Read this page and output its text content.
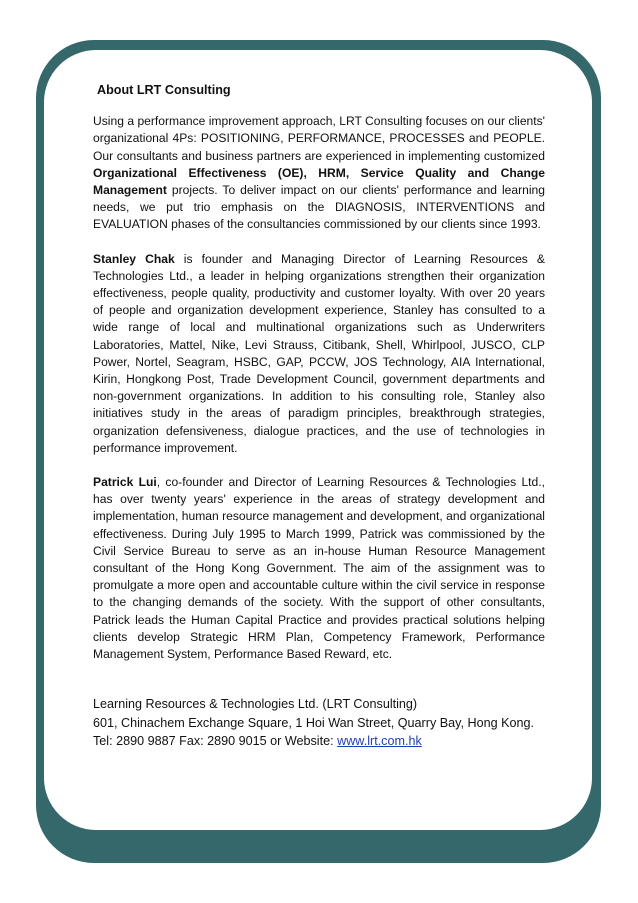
About LRT Consulting

Using a performance improvement approach, LRT Consulting focuses on our clients' organizational 4Ps: POSITIONING, PERFORMANCE, PROCESSES and PEOPLE. Our consultants and business partners are experienced in implementing customized Organizational Effectiveness (OE), HRM, Service Quality and Change Management projects. To deliver impact on our clients' performance and learning needs, we put trio emphasis on the DIAGNOSIS, INTERVENTIONS and EVALUATION phases of the consultancies commissioned by our clients since 1993.

Stanley Chak is founder and Managing Director of Learning Resources & Technologies Ltd., a leader in helping organizations strengthen their organization effectiveness, people quality, productivity and customer loyalty. With over 20 years of people and organization development experience, Stanley has consulted to a wide range of local and multinational organizations such as Underwriters Laboratories, Mattel, Nike, Levi Strauss, Citibank, Shell, Whirlpool, JUSCO, CLP Power, Nortel, Seagram, HSBC, GAP, PCCW, JOS Technology, AIA International, Kirin, Hongkong Post, Trade Development Council, government departments and non-government organizations. In addition to his consulting role, Stanley also initiatives study in the areas of paradigm principles, breakthrough strategies, organization defensiveness, dialogue practices, and the use of technologies in performance improvement.

Patrick Lui, co-founder and Director of Learning Resources & Technologies Ltd., has over twenty years' experience in the areas of strategy development and implementation, human resource management and development, and organizational effectiveness. During July 1995 to March 1999, Patrick was commissioned by the Civil Service Bureau to serve as an in-house Human Resource Management consultant of the Hong Kong Government. The aim of the assignment was to promulgate a more open and accountable culture within the civil service in response to the changing demands of the society. With the support of other consultants, Patrick leads the Human Capital Practice and provides practical solutions helping clients develop Strategic HRM Plan, Competency Framework, Performance Management System, Performance Based Reward, etc.

Learning Resources & Technologies Ltd. (LRT Consulting)
601, Chinachem Exchange Square, 1 Hoi Wan Street, Quarry Bay, Hong Kong.
Tel: 2890 9887 Fax: 2890 9015 or Website: www.lrt.com.hk
